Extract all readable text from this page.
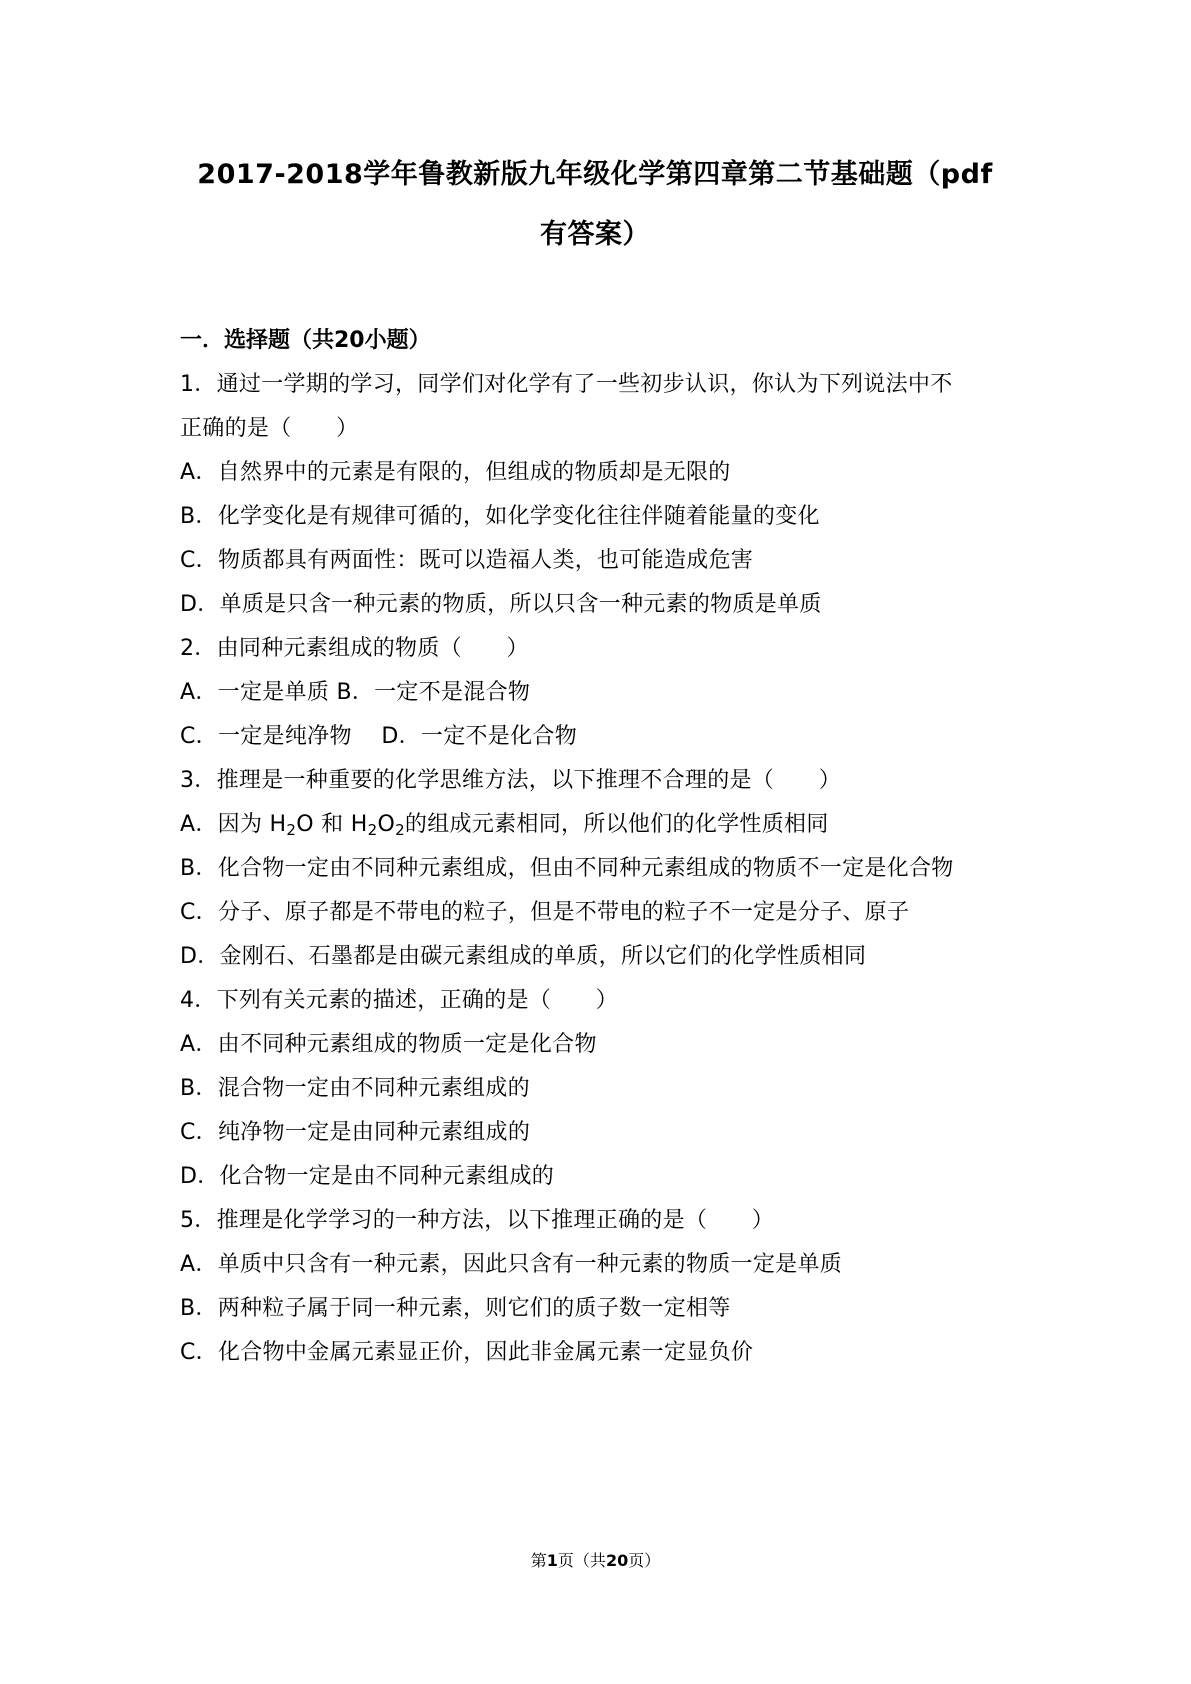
2017-2018学年鲁教新版九年级化学第四章第二节基础题（pdf
有答案）
一．选择题（共20小题）
1．通过一学期的学习，同学们对化学有了一些初步认识，你认为下列说法中不
正确的是（　　）
A．自然界中的元素是有限的，但组成的物质却是无限的
B．化学变化是有规律可循的，如化学变化往往伴随着能量的变化
C．物质都具有两面性：既可以造福人类，也可能造成危害
D．单质是只含一种元素的物质，所以只含一种元素的物质是单质
2．由同种元素组成的物质（　　）
A．一定是单质 B．一定不是混合物
C．一定是纯净物　 D．一定不是化合物
3．推理是一种重要的化学思维方法，以下推理不合理的是（　　）
A．因为 $H_2O$ 和 $H_2O_2$的组成元素相同，所以他们的化学性质相同
B．化合物一定由不同种元素组成，但由不同种元素组成的物质不一定是化合物
C．分子、原子都是不带电的粒子，但是不带电的粒子不一定是分子、原子
D．金刚石、石墨都是由碳元素组成的单质，所以它们的化学性质相同
4．下列有关元素的描述，正确的是（　　）
A．由不同种元素组成的物质一定是化合物
B．混合物一定由不同种元素组成的
C．纯净物一定是由同种元素组成的
D．化合物一定是由不同种元素组成的
5．推理是化学学习的一种方法，以下推理正确的是（　　）
A．单质中只含有一种元素，因此只含有一种元素的物质一定是单质
B．两种粒子属于同一种元素，则它们的质子数一定相等
C．化合物中金属元素显正价，因此非金属元素一定显负价
第1页（共20页）
